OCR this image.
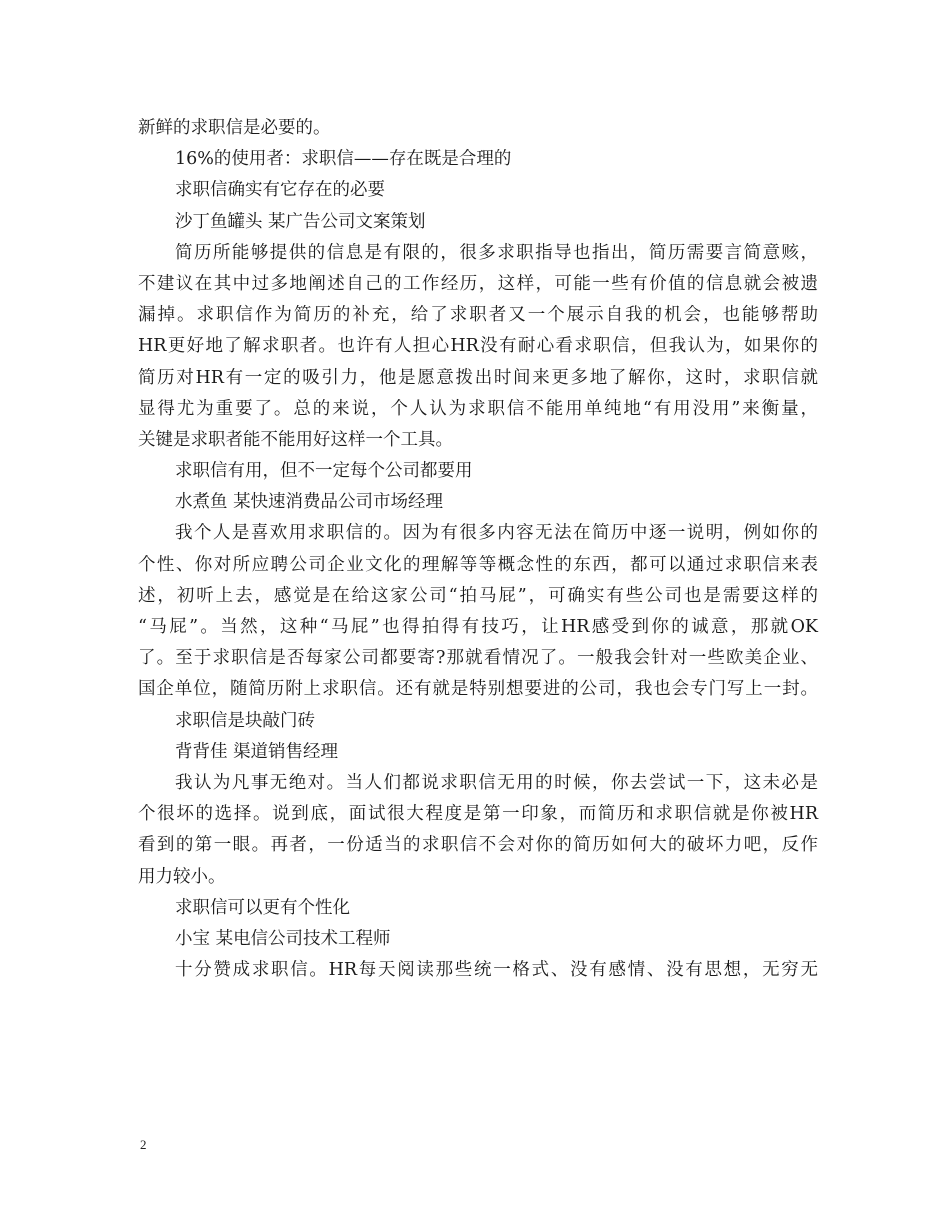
新鲜的求职信是必要的。
16%的使用者：求职信——存在既是合理的
求职信确实有它存在的必要
沙丁鱼罐头 某广告公司文案策划
简历所能够提供的信息是有限的，很多求职指导也指出，简历需要言简意赅，
不建议在其中过多地阐述自己的工作经历，这样，可能一些有价值的信息就会被遗
漏掉。求职信作为简历的补充，给了求职者又一个展示自我的机会，也能够帮助
HR更好地了解求职者。也许有人担心HR没有耐心看求职信，但我认为，如果你的
简历对HR有一定的吸引力，他是愿意拨出时间来更多地了解你，这时，求职信就
显得尤为重要了。总的来说，个人认为求职信不能用单纯地“有用没用”来衡量，
关键是求职者能不能用好这样一个工具。
求职信有用，但不一定每个公司都要用
水煮鱼 某快速消费品公司市场经理
我个人是喜欢用求职信的。因为有很多内容无法在简历中逐一说明，例如你的
个性、你对所应聘公司企业文化的理解等等概念性的东西，都可以通过求职信来表
述，初听上去，感觉是在给这家公司“拍马屁”，可确实有些公司也是需要这样的
“马屁”。当然，这种“马屁”也得拍得有技巧，让HR感受到你的诚意，那就OK
了。至于求职信是否每家公司都要寄?那就看情况了。一般我会针对一些欧美企业、
国企单位，随简历附上求职信。还有就是特别想要进的公司，我也会专门写上一封。
求职信是块敲门砖
背背佳 渠道销售经理
我认为凡事无绝对。当人们都说求职信无用的时候，你去尝试一下，这未必是
个很坏的选择。说到底，面试很大程度是第一印象，而简历和求职信就是你被HR
看到的第一眼。再者，一份适当的求职信不会对你的简历如何大的破坏力吧，反作
用力较小。
求职信可以更有个性化
小宝 某电信公司技术工程师
十分赞成求职信。HR每天阅读那些统一格式、没有感情、没有思想，无穷无
2
